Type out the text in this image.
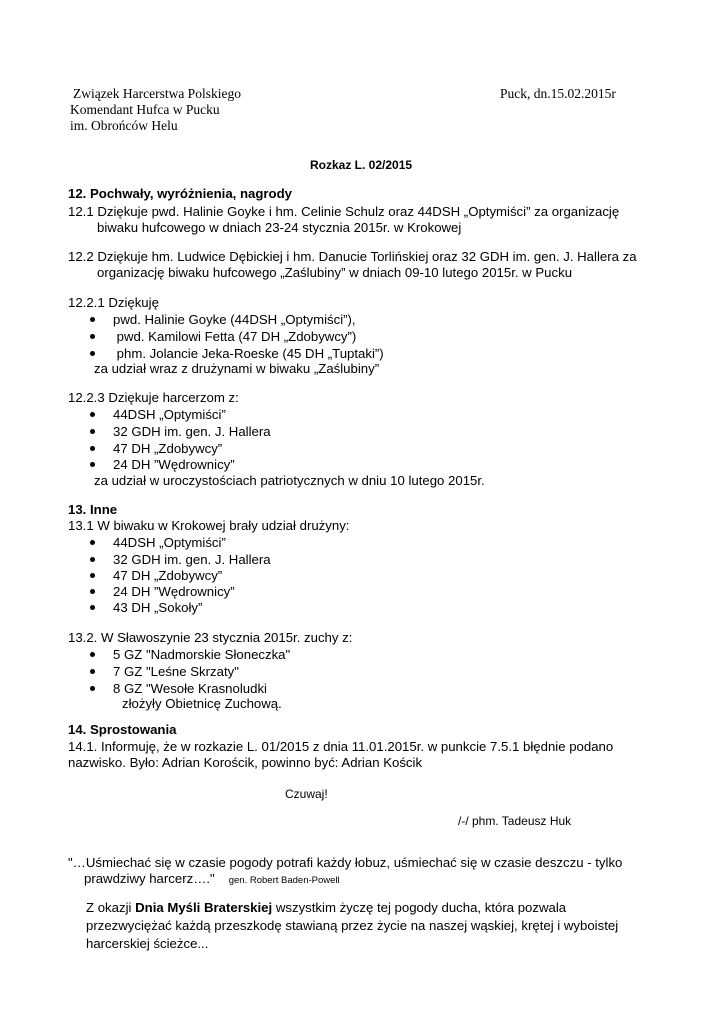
Związek Harcerstwa Polskiego
Komendant Hufca w Pucku
im. Obrońców Helu
Puck, dn.15.02.2015r
Rozkaz L. 02/2015
12. Pochwały, wyróżnienia, nagrody
12.1 Dziękuje pwd. Halinie Goyke i hm. Celinie Schulz oraz 44DSH „Optymiści” za organizację
biwaku hufcowego w dniach 23-24 stycznia 2015r. w Krokowej
12.2 Dziękuje hm. Ludwice Dębickiej i hm. Danucie Torlińskiej oraz 32 GDH im. gen. J. Hallera za
organizację biwaku hufcowego „Zaślubiny” w dniach 09-10 lutego 2015r. w Pucku
12.2.1 Dziękuję
pwd. Halinie Goyke (44DSH „Optymiści”),
pwd. Kamilowi Fetta (47 DH „Zdobywcy”)
phm. Jolancie Jeka-Roeske (45 DH „Tuptaki”)
za udział wraz z drużynami w biwaku „Zaślubiny”
12.2.3 Dziękuje harcerzom z:
44DSH „Optymiści”
32 GDH im. gen. J. Hallera
47 DH „Zdobywcy”
24 DH ”Wędrownicy”
za udział w uroczystościach patriotycznych w dniu 10 lutego 2015r.
13. Inne
13.1 W biwaku w Krokowej brały udział drużyny:
44DSH „Optymiści”
32 GDH im. gen. J. Hallera
47 DH „Zdobywcy”
24 DH ”Wędrownicy”
43 DH „Sokoły”
13.2. W Sławoszynie 23 stycznia 2015r. zuchy z:
5 GZ "Nadmorskie Słoneczka"
7 GZ "Leśne Skrzaty"
8 GZ "Wesołe Krasnoludki
złożyły Obietnicę Zuchową.
14. Sprostowania
14.1. Informuję, że w rozkazie L. 01/2015 z dnia 11.01.2015r. w punkcie 7.5.1 błędnie podano
nazwisko. Było: Adrian Korościk, powinno być: Adrian Kościk
Czuwaj!
/-/ phm. Tadeusz Huk
"…Uśmiechać się w czasie pogody potrafi każdy łobuz, uśmiechać się w czasie deszczu - tylko
prawdziwy harcerz…." gen. Robert Baden-Powell
Z okazji Dnia Myśli Braterskiej wszystkim życzę tej pogody ducha, która pozwala
przezwyciężać każdą przeszkodę stawianą przez życie na naszej wąskiej, krętej i wyboistej
harcerskiej ścieżce...
